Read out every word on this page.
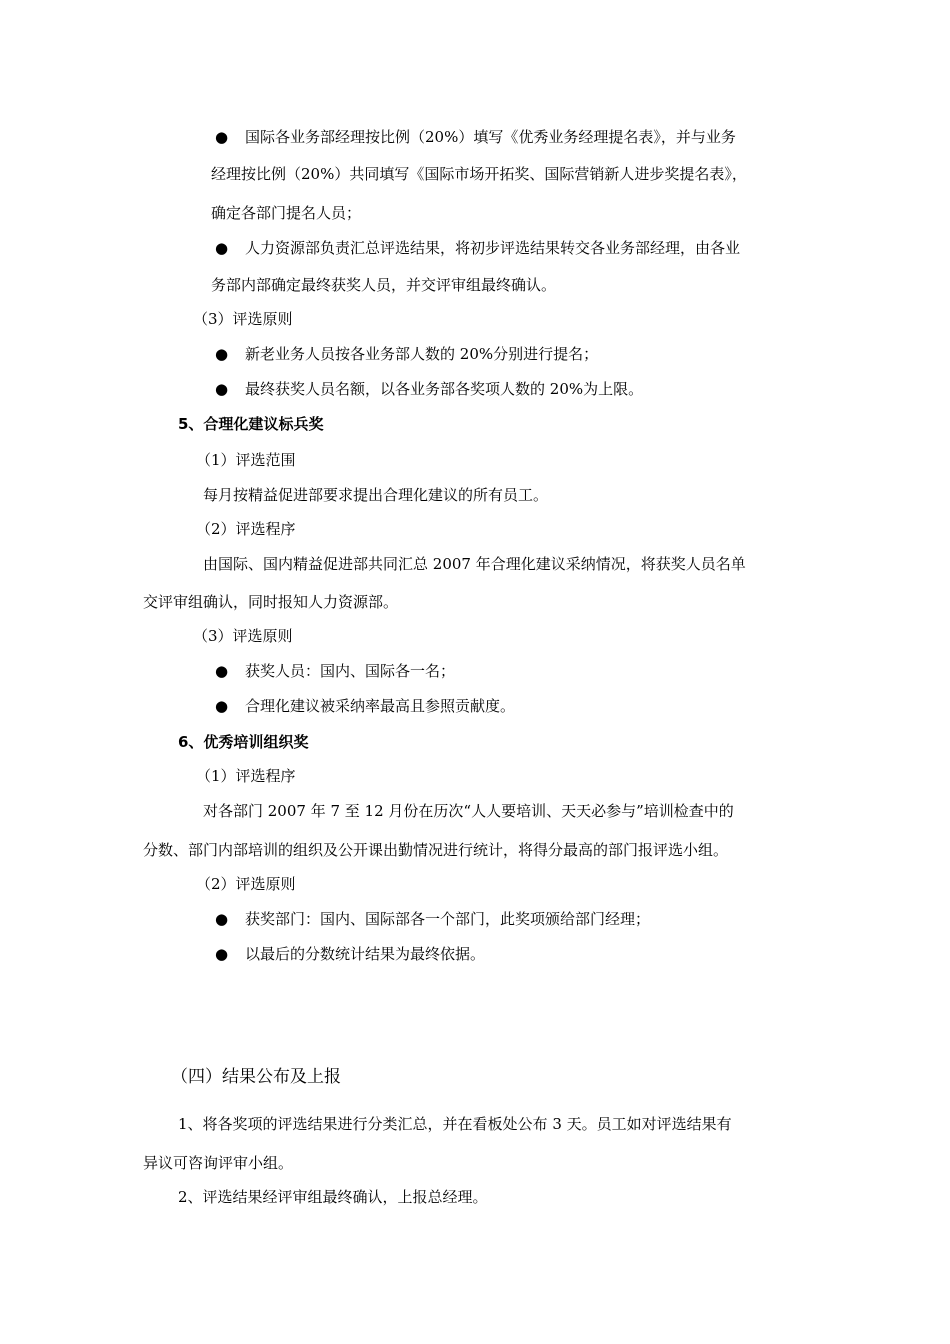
● 国际各业务部经理按比例（20%）填写《优秀业务经理提名表》，并与业务
经理按比例（20%）共同填写《国际市场开拓奖、国际营销新人进步奖提名表》，
确定各部门提名人员；
● 人力资源部负责汇总评选结果，将初步评选结果转交各业务部经理，由各业
务部内部确定最终获奖人员，并交评审组最终确认。
（3）评选原则
● 新老业务人员按各业务部人数的 20%分别进行提名；
● 最终获奖人员名额，以各业务部各奖项人数的 20%为上限。
5、合理化建议标兵奖
（1）评选范围
每月按精益促进部要求提出合理化建议的所有员工。
（2）评选程序
由国际、国内精益促进部共同汇总 2007 年合理化建议采纳情况，将获奖人员名单
交评审组确认，同时报知人力资源部。
（3）评选原则
● 获奖人员：国内、国际各一名；
● 合理化建议被采纳率最高且参照贡献度。
6、优秀培训组织奖
（1）评选程序
对各部门 2007 年 7 至 12 月份在历次“人人要培训、天天必参与”培训检查中的
分数、部门内部培训的组织及公开课出勤情况进行统计，将得分最高的部门报评选小组。
（2）评选原则
● 获奖部门：国内、国际部各一个部门，此奖项颁给部门经理；
● 以最后的分数统计结果为最终依据。
（四）结果公布及上报
1、将各奖项的评选结果进行分类汇总，并在看板处公布 3 天。员工如对评选结果有
异议可咨询评审小组。
2、评选结果经评审组最终确认，上报总经理。
